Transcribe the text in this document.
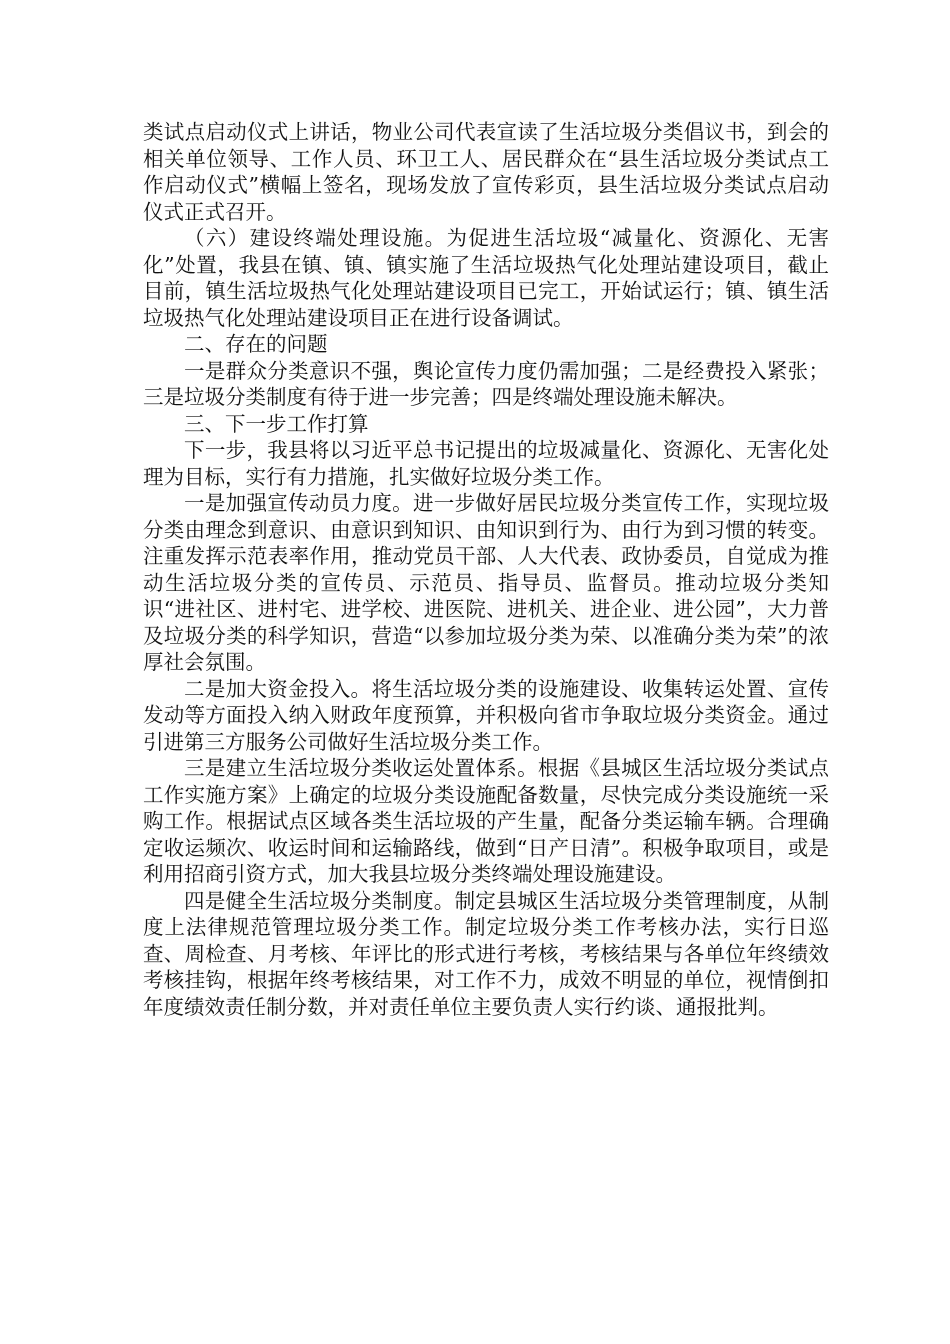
类试点启动仪式上讲话，物业公司代表宣读了生活垃圾分类倡议书，到会的相关单位领导、工作人员、环卫工人、居民群众在“县生活垃圾分类试点工作启动仪式”横幅上签名，现场发放了宣传彩页，县生活垃圾分类试点启动仪式正式召开。

（六）建设终端处理设施。为促进生活垃圾“减量化、资源化、无害化”处置，我县在镇、镇、镇实施了生活垃圾热气化处理站建设项目，截止目前，镇生活垃圾热气化处理站建设项目已完工，开始试运行；镇、镇生活垃圾热气化处理站建设项目正在进行设备调试。

二、存在的问题

一是群众分类意识不强，舆论宣传力度仍需加强；二是经费投入紧张；三是垃圾分类制度有待于进一步完善；四是终端处理设施未解决。

三、下一步工作打算

下一步，我县将以习近平总书记提出的垃圾减量化、资源化、无害化处理为目标，实行有力措施，扎实做好垃圾分类工作。

一是加强宣传动员力度。进一步做好居民垃圾分类宣传工作，实现垃圾分类由理念到意识、由意识到知识、由知识到行为、由行为到习惯的转变。注重发挥示范表率作用，推动党员干部、人大代表、政协委员，自觉成为推动生活垃圾分类的宣传员、示范员、指导员、监督员。推动垃圾分类知识“进社区、进村宅、进学校、进医院、进机关、进企业、进公园”，大力普及垃圾分类的科学知识，营造“以参加垃圾分类为荣、以准确分类为荣”的浓厚社会氛围。

二是加大资金投入。将生活垃圾分类的设施建设、收集转运处置、宣传发动等方面投入纳入财政年度预算，并积极向省市争取垃圾分类资金。通过引进第三方服务公司做好生活垃圾分类工作。

三是建立生活垃圾分类收运处置体系。根据《县城区生活垃圾分类试点工作实施方案》上确定的垃圾分类设施配备数量，尽快完成分类设施统一采购工作。根据试点区域各类生活垃圾的产生量，配备分类运输车辆。合理确定收运频次、收运时间和运输路线，做到“日产日清”。积极争取项目，或是利用招商引资方式，加大我县垃圾分类终端处理设施建设。

四是健全生活垃圾分类制度。制定县城区生活垃圾分类管理制度，从制度上法律规范管理垃圾分类工作。制定垃圾分类工作考核办法，实行日巡查、周检查、月考核、年评比的形式进行考核，考核结果与各单位年终绩效考核挂钩，根据年终考核结果，对工作不力，成效不明显的单位，视情倒扣年度绩效责任制分数，并对责任单位主要负责人实行约谈、通报批判。
